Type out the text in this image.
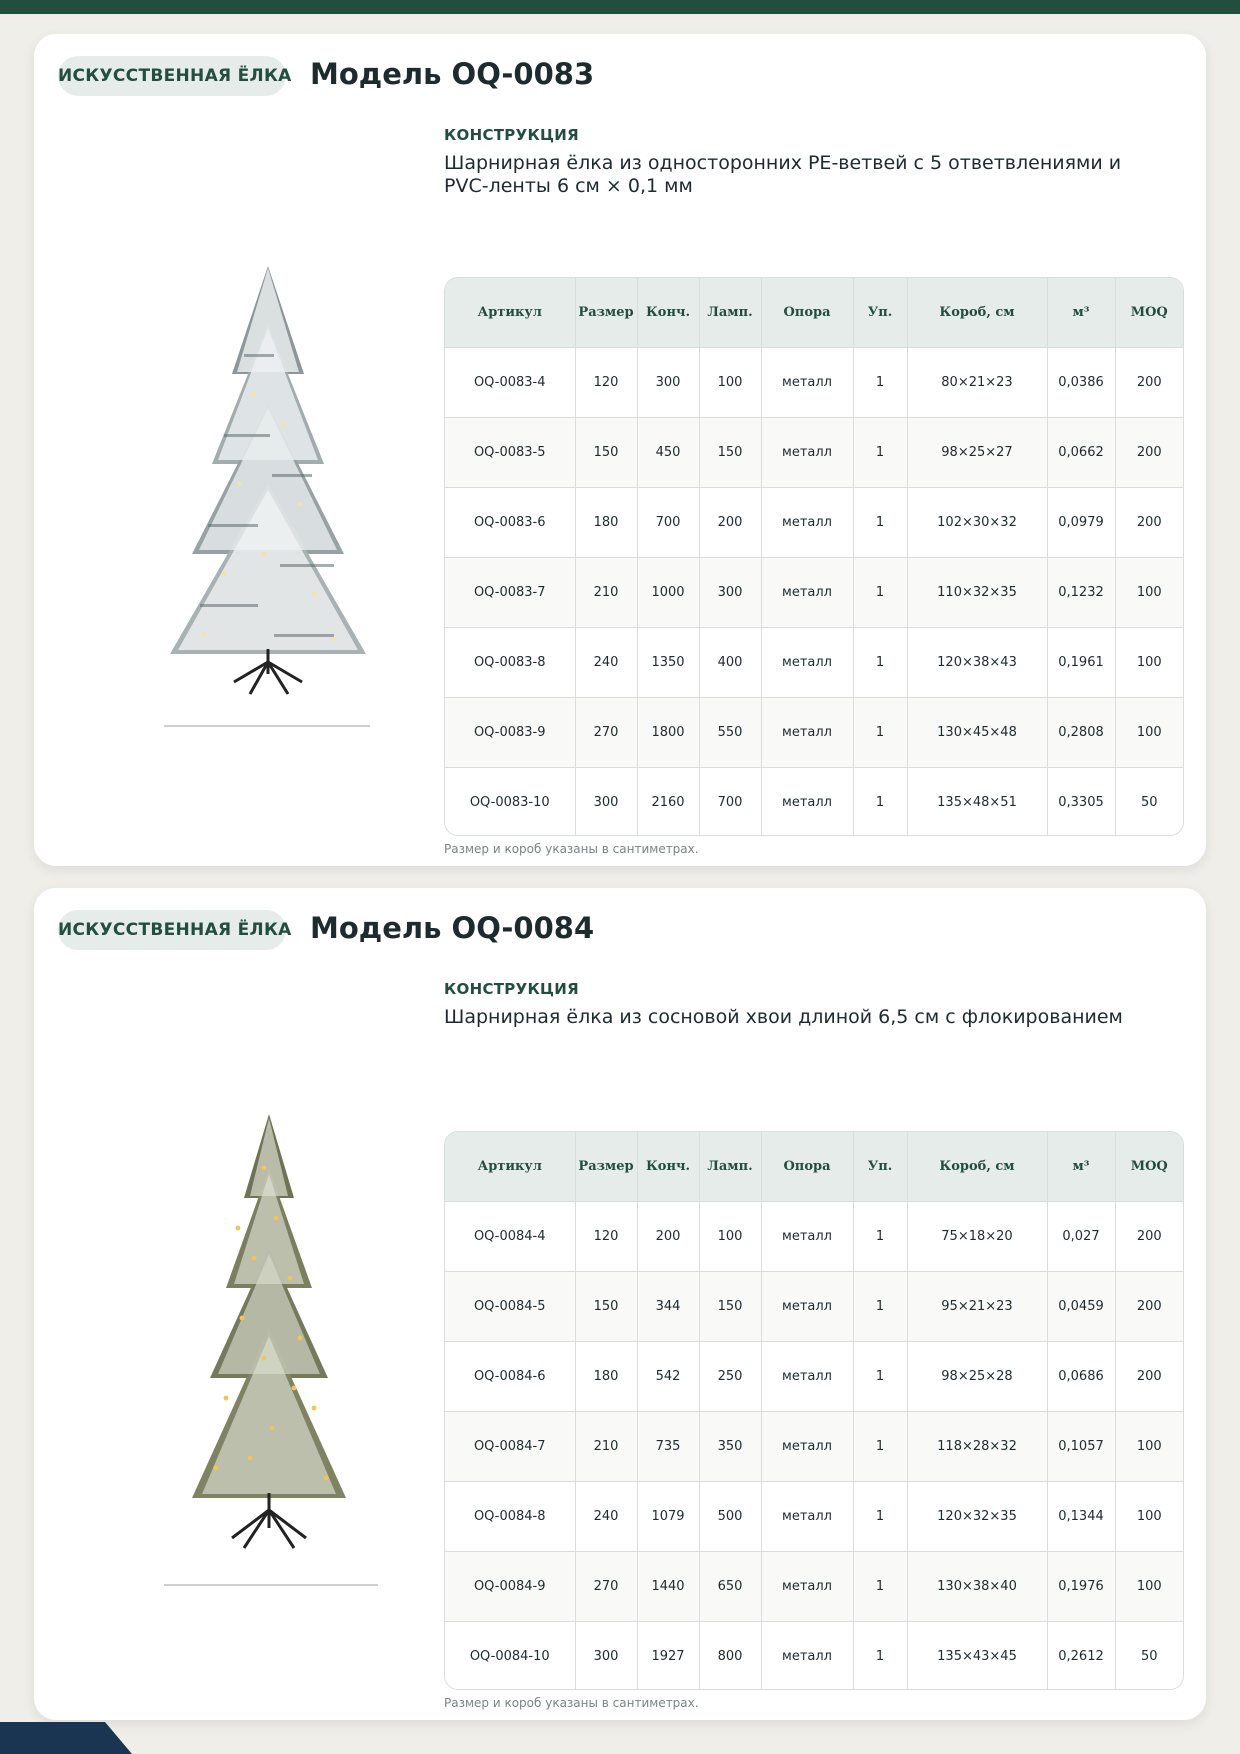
ИСКУССТВЕННАЯ ЁЛКА Модель OQ-0083
КОНСТРУКЦИЯ
Шарнирная ёлка из односторонних PE-ветвей с 5 ответвлениями и PVC-ленты 6 см × 0,1 мм
Артикул	Размер	Конч.	Ламп.	Опора	Уп.	Короб, см	м³	MOQ
OQ-0083-4	120	300	100	металл	1	80×21×23	0,0386	200
OQ-0083-5	150	450	150	металл	1	98×25×27	0,0662	200
OQ-0083-6	180	700	200	металл	1	102×30×32	0,0979	200
OQ-0083-7	210	1000	300	металл	1	110×32×35	0,1232	100
OQ-0083-8	240	1350	400	металл	1	120×38×43	0,1961	100
OQ-0083-9	270	1800	550	металл	1	130×45×48	0,2808	100
OQ-0083-10	300	2160	700	металл	1	135×48×51	0,3305	50
Размер и короб указаны в сантиметрах.
ИСКУССТВЕННАЯ ЁЛКА Модель OQ-0084
КОНСТРУКЦИЯ
Шарнирная ёлка из сосновой хвои длиной 6,5 см с флокированием
Артикул	Размер	Конч.	Ламп.	Опора	Уп.	Короб, см	м³	MOQ
OQ-0084-4	120	200	100	металл	1	75×18×20	0,027	200
OQ-0084-5	150	344	150	металл	1	95×21×23	0,0459	200
OQ-0084-6	180	542	250	металл	1	98×25×28	0,0686	200
OQ-0084-7	210	735	350	металл	1	118×28×32	0,1057	100
OQ-0084-8	240	1079	500	металл	1	120×32×35	0,1344	100
OQ-0084-9	270	1440	650	металл	1	130×38×40	0,1976	100
OQ-0084-10	300	1927	800	металл	1	135×43×45	0,2612	50
Размер и короб указаны в сантиметрах.
